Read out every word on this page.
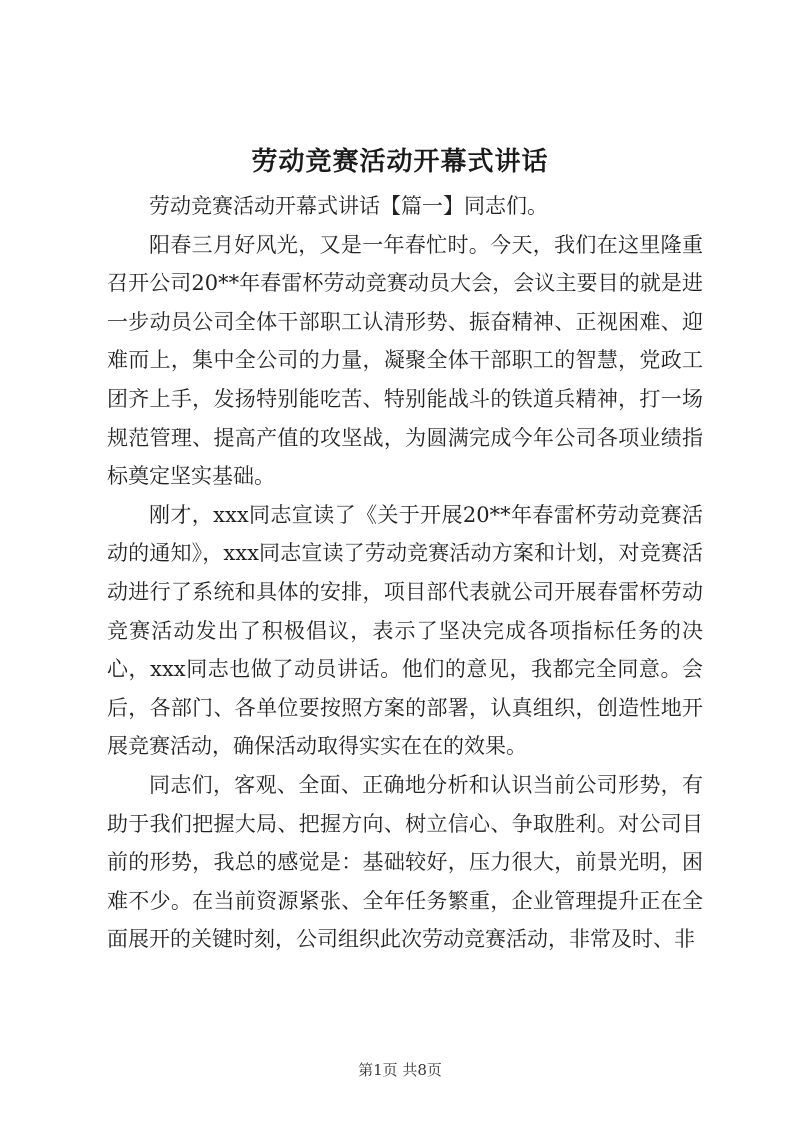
劳动竞赛活动开幕式讲话

劳动竞赛活动开幕式讲话【篇一】同志们。

阳春三月好风光，又是一年春忙时。今天，我们在这里隆重召开公司20**年春雷杯劳动竞赛动员大会，会议主要目的就是进一步动员公司全体干部职工认清形势、振奋精神、正视困难、迎难而上，集中全公司的力量，凝聚全体干部职工的智慧，党政工团齐上手，发扬特别能吃苦、特别能战斗的铁道兵精神，打一场规范管理、提高产值的攻坚战，为圆满完成今年公司各项业绩指标奠定坚实基础。

刚才，xxx同志宣读了《关于开展20**年春雷杯劳动竞赛活动的通知》，xxx同志宣读了劳动竞赛活动方案和计划，对竞赛活动进行了系统和具体的安排，项目部代表就公司开展春雷杯劳动竞赛活动发出了积极倡议，表示了坚决完成各项指标任务的决心，xxx同志也做了动员讲话。他们的意见，我都完全同意。会后，各部门、各单位要按照方案的部署，认真组织，创造性地开展竞赛活动，确保活动取得实实在在的效果。

同志们，客观、全面、正确地分析和认识当前公司形势，有助于我们把握大局、把握方向、树立信心、争取胜利。对公司目前的形势，我总的感觉是：基础较好，压力很大，前景光明，困难不少。在当前资源紧张、全年任务繁重，企业管理提升正在全面展开的关键时刻，公司组织此次劳动竞赛活动，非常及时、非

第1页 共8页
